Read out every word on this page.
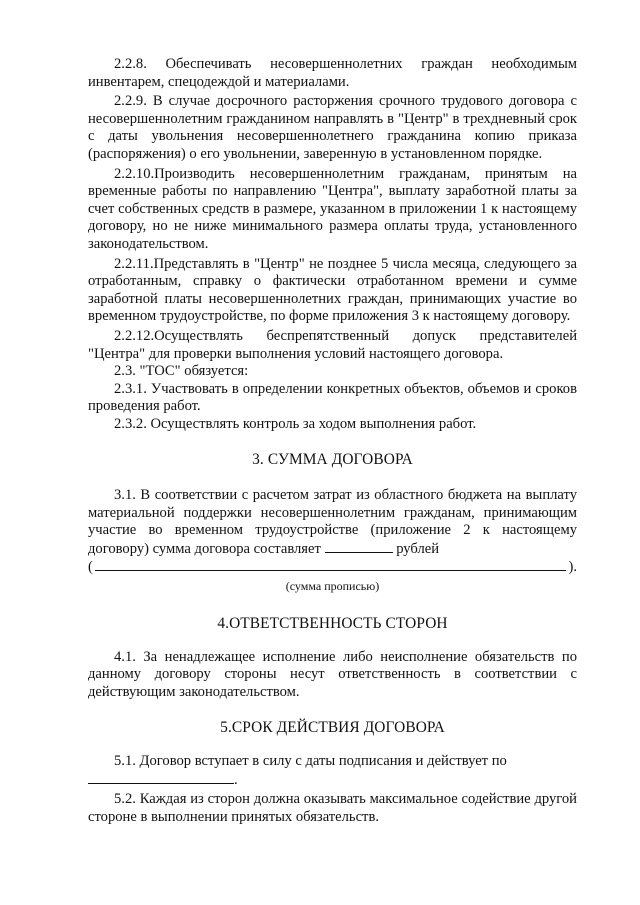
2.2.8. Обеспечивать несовершеннолетних граждан необходимым инвентарем, спецодеждой и материалами.

2.2.9. В случае досрочного расторжения срочного трудового договора с несовершеннолетним гражданином направлять в "Центр" в трехдневный срок с даты увольнения несовершеннолетнего гражданина копию приказа (распоряжения) о его увольнении, заверенную в установленном порядке.

2.2.10.Производить несовершеннолетним гражданам, принятым на временные работы по направлению "Центра", выплату заработной платы за счет собственных средств в размере, указанном в приложении 1 к настоящему договору, но не ниже минимального размера оплаты труда, установленного законодательством.

2.2.11.Представлять в "Центр" не позднее 5 числа месяца, следующего за отработанным, справку о фактически отработанном времени и сумме заработной платы несовершеннолетних граждан, принимающих участие во временном трудоустройстве, по форме приложения 3 к настоящему договору.

2.2.12.Осуществлять беспрепятственный допуск представителей "Центра" для проверки выполнения условий настоящего договора.

2.3. "ТОС" обязуется:

2.3.1. Участвовать в определении конкретных объектов, объемов и сроков проведения работ.

2.3.2. Осуществлять контроль за ходом выполнения работ.

3. СУММА ДОГОВОРА

3.1. В соответствии с расчетом затрат из областного бюджета на выплату материальной поддержки несовершеннолетним гражданам, принимающим участие во временном трудоустройстве (приложение 2 к настоящему договору) сумма договора составляет	рублей

(	).

(сумма прописью)

4.ОТВЕТСТВЕННОСТЬ СТОРОН

4.1. За ненадлежащее исполнение либо неисполнение обязательств по данному договору стороны несут ответственность в соответствии с действующим законодательством.

5.СРОК ДЕЙСТВИЯ ДОГОВОРА

5.1. Договор вступает в силу с даты подписания и действует по

.

5.2. Каждая из сторон должна оказывать максимальное содействие другой стороне в выполнении принятых обязательств.
